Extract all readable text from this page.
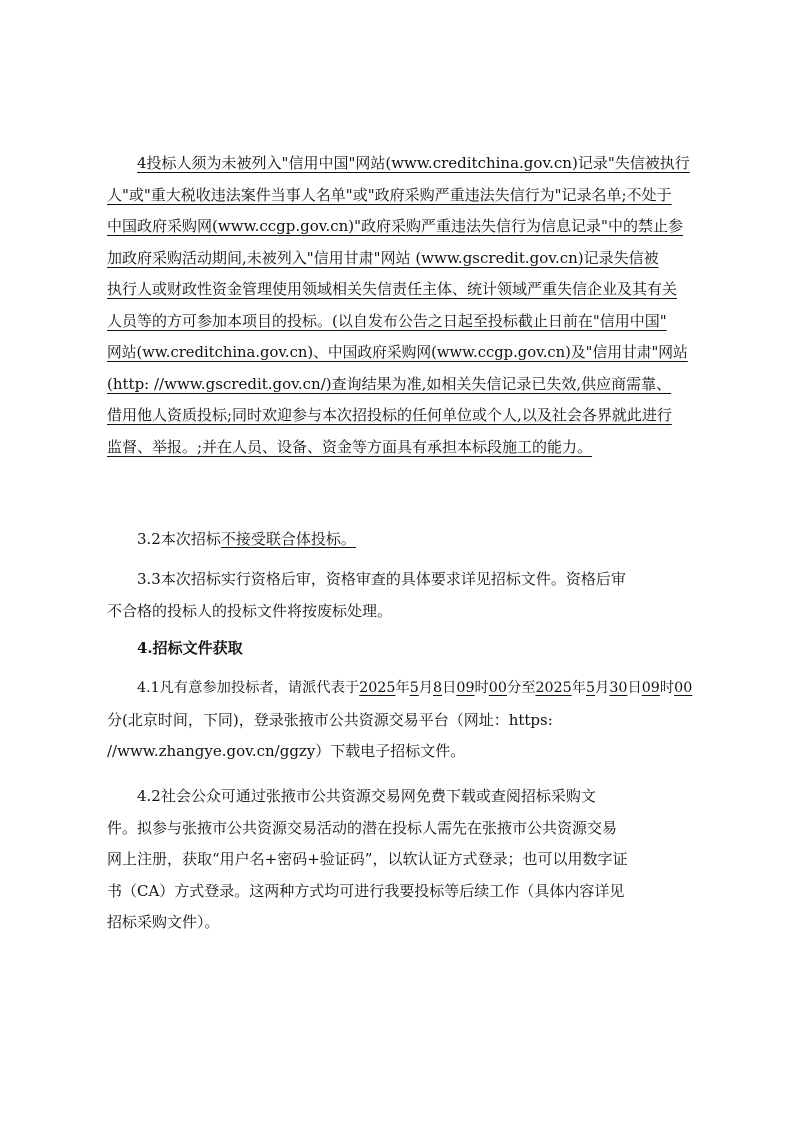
4投标人须为未被列入"信用中国"网站(www.creditchina.gov.cn)记录"失信被执行
人"或"重大税收违法案件当事人名单"或"政府采购严重违法失信行为"记录名单;不处于
中国政府采购网(www.ccgp.gov.cn)"政府采购严重违法失信行为信息记录"中的禁止参
加政府采购活动期间,未被列入"信用甘肃"网站 (www.gscredit.gov.cn)记录失信被
执行人或财政性资金管理使用领域相关失信责任主体、统计领域严重失信企业及其有关
人员等的方可参加本项目的投标。(以自发布公告之日起至投标截止日前在"信用中国"
网站(ww.creditchina.gov.cn)、中国政府采购网(www.ccgp.gov.cn)及"信用甘肃"网站
(http: //www.gscredit.gov.cn/)查询结果为准,如相关失信记录已失效,供应商需靠、
借用他人资质投标;同时欢迎参与本次招投标的任何单位或个人,以及社会各界就此进行
监督、举报。;并在人员、设备、资金等方面具有承担本标段施工的能力。

3.2本次招标不接受联合体投标。

3.3本次招标实行资格后审，资格审查的具体要求详见招标文件。资格后审
不合格的投标人的投标文件将按废标处理。

4.招标文件获取

4.1凡有意参加投标者，请派代表于2025年5月8日09时00分至2025年5月30日09时00
分(北京时间，下同)，登录张掖市公共资源交易平台（网址：https:
//www.zhangye.gov.cn/ggzy）下载电子招标文件。

4.2社会公众可通过张掖市公共资源交易网免费下载或查阅招标采购文
件。拟参与张掖市公共资源交易活动的潜在投标人需先在张掖市公共资源交易
网上注册，获取“用户名+密码+验证码”，以软认证方式登录；也可以用数字证
书（CA）方式登录。这两种方式均可进行我要投标等后续工作（具体内容详见
招标采购文件）。
